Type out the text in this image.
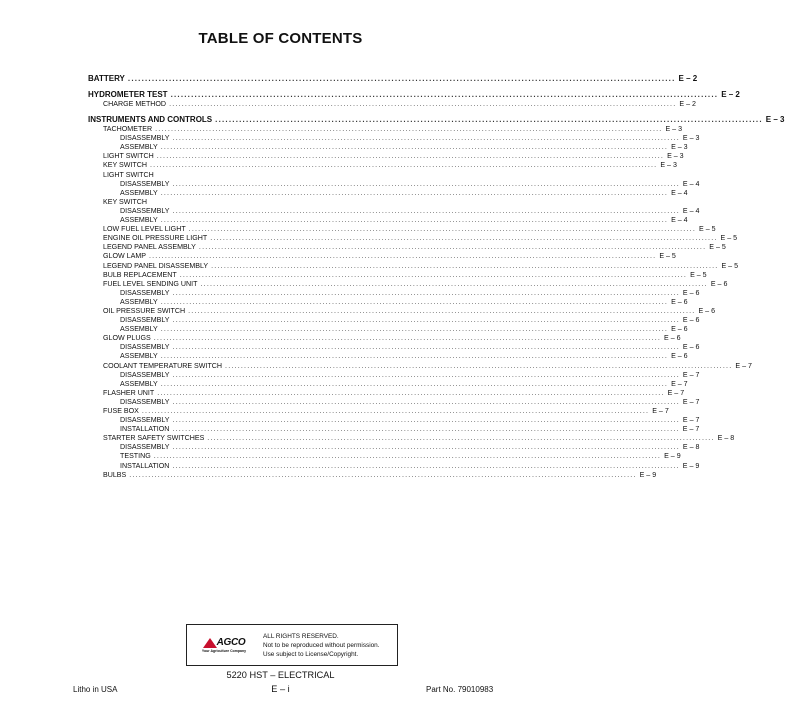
TABLE OF CONTENTS
BATTERY ................................................................................................................................................................ E – 2
HYDROMETER TEST ................................................................................................................................................................ E – 2
CHARGE METHOD ................................................................................................................................................................ E – 2
INSTRUMENTS AND CONTROLS ................................................................................................................................................................ E – 3
TACHOMETER ................................................................................................................................................................ E – 3
DISASSEMBLY ................................................................................................................................................................ E – 3
ASSEMBLY ................................................................................................................................................................ E – 3
LIGHT SWITCH ................................................................................................................................................................ E – 3
KEY SWITCH ................................................................................................................................................................ E – 3
LIGHT SWITCH
DISASSEMBLY ................................................................................................................................................................ E – 4
ASSEMBLY ................................................................................................................................................................ E – 4
KEY SWITCH
DISASSEMBLY ................................................................................................................................................................ E – 4
ASSEMBLY ................................................................................................................................................................ E – 4
LOW FUEL LEVEL LIGHT ................................................................................................................................................................ E – 5
ENGINE OIL PRESSURE LIGHT ................................................................................................................................................................ E – 5
LEGEND PANEL ASSEMBLY ................................................................................................................................................................ E – 5
GLOW LAMP ................................................................................................................................................................ E – 5
LEGEND PANEL DISASSEMBLY ................................................................................................................................................................ E – 5
BULB REPLACEMENT ................................................................................................................................................................ E – 5
FUEL LEVEL SENDING UNIT ................................................................................................................................................................ E – 6
DISASSEMBLY ................................................................................................................................................................ E – 6
ASSEMBLY ................................................................................................................................................................ E – 6
OIL PRESSURE SWITCH ................................................................................................................................................................ E – 6
DISASSEMBLY ................................................................................................................................................................ E – 6
ASSEMBLY ................................................................................................................................................................ E – 6
GLOW PLUGS ................................................................................................................................................................ E – 6
DISASSEMBLY ................................................................................................................................................................ E – 6
ASSEMBLY ................................................................................................................................................................ E – 6
COOLANT TEMPERATURE SWITCH ................................................................................................................................................................ E – 7
DISASSEMBLY ................................................................................................................................................................ E – 7
ASSEMBLY ................................................................................................................................................................ E – 7
FLASHER UNIT ................................................................................................................................................................ E – 7
DISASSEMBLY ................................................................................................................................................................ E – 7
FUSE BOX ................................................................................................................................................................ E – 7
DISASSEMBLY ................................................................................................................................................................ E – 7
INSTALLATION ................................................................................................................................................................ E – 7
STARTER SAFETY SWITCHES ................................................................................................................................................................ E – 8
DISASSEMBLY ................................................................................................................................................................ E – 8
TESTING ................................................................................................................................................................ E – 9
INSTALLATION ................................................................................................................................................................ E – 9
BULBS ................................................................................................................................................................ E – 9
AGCO
Your Agriculture Company
ALL RIGHTS RESERVED.
Not to be reproduced without permission.
Use subject to License/Copyright.
5220 HST – ELECTRICAL
E – i
Litho in USA	Part No. 79010983
